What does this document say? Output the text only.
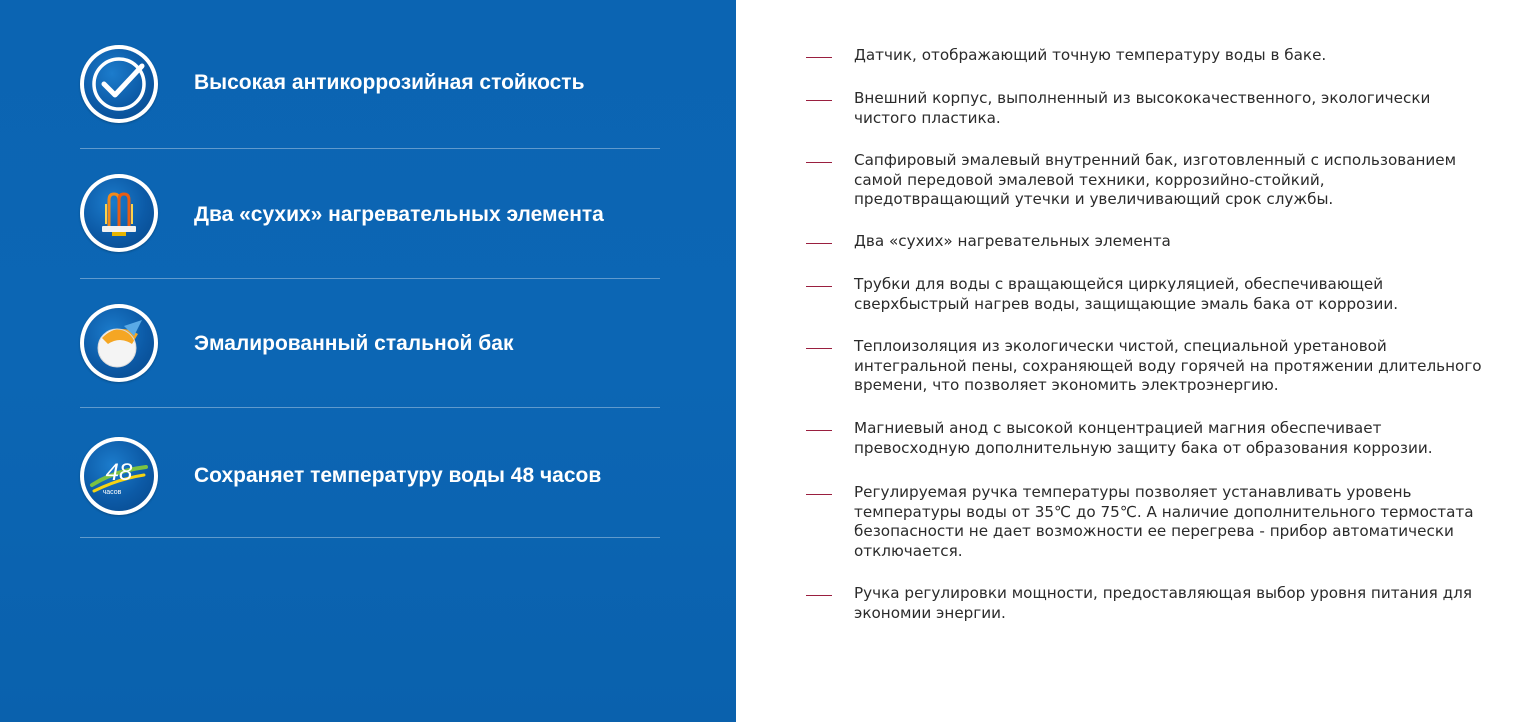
Высокая антикоррозийная стойкость
Два «сухих» нагревательных элемента
Эмалированный стальной бак
48
часов
Сохраняет температуру воды 48 часов
Датчик, отображающий точную температуру воды в баке.
Внешний корпус, выполненный из высококачественного, экологически
чистого пластика.
Сапфировый эмалевый внутренний бак, изготовленный с использованием
самой передовой эмалевой техники, коррозийно-стойкий,
предотвращающий утечки и увеличивающий срок службы.
Два «сухих» нагревательных элемента
Трубки для воды с вращающейся циркуляцией, обеспечивающей
сверхбыстрый нагрев воды, защищающие эмаль бака от коррозии.
Теплоизоляция из экологически чистой, специальной уретановой
интегральной пены, сохраняющей воду горячей на протяжении длительного
времени, что позволяет экономить электроэнергию.
Магниевый анод с высокой концентрацией магния обеспечивает
превосходную дополнительную защиту бака от образования коррозии.
Регулируемая ручка температуры позволяет устанавливать уровень
температуры воды от 35℃ до 75℃. А наличие дополнительного термостата
безопасности не дает возможности ее перегрева - прибор автоматически
отключается.
Ручка регулировки мощности, предоставляющая выбор уровня питания для
экономии энергии.
